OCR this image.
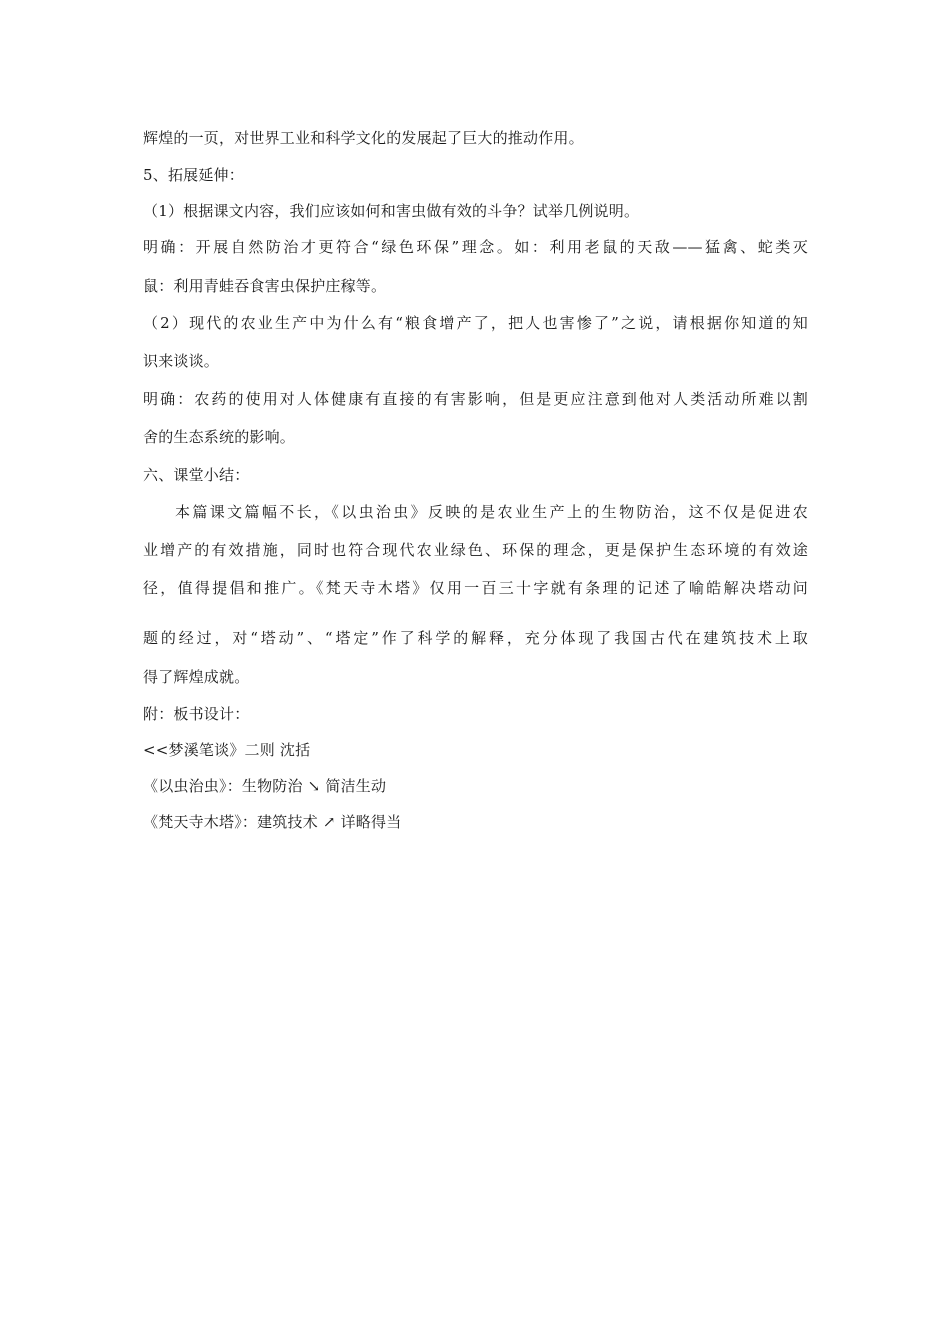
辉煌的一页，对世界工业和科学文化的发展起了巨大的推动作用。
5、拓展延伸：
（1）根据课文内容，我们应该如何和害虫做有效的斗争？试举几例说明。
明确：开展自然防治才更符合“绿色环保”理念。如：利用老鼠的天敌——猛禽、蛇类灭
鼠：利用青蛙吞食害虫保护庄稼等。
（2）现代的农业生产中为什么有“粮食增产了，把人也害惨了”之说，请根据你知道的知
识来谈谈。
明确：农药的使用对人体健康有直接的有害影响，但是更应注意到他对人类活动所难以割
舍的生态系统的影响。
六、课堂小结：
本篇课文篇幅不长，《以虫治虫》反映的是农业生产上的生物防治，这不仅是促进农
业增产的有效措施，同时也符合现代农业绿色、环保的理念，更是保护生态环境的有效途
径，值得提倡和推广。《梵天寺木塔》仅用一百三十字就有条理的记述了喻皓解决塔动问
题的经过，对“塔动”、“塔定”作了科学的解释，充分体现了我国古代在建筑技术上取
得了辉煌成就。
附：板书设计：
<<梦溪笔谈》二则 沈括
《以虫治虫》：生物防治 ↘ 简洁生动
《梵天寺木塔》：建筑技术 ↗ 详略得当
